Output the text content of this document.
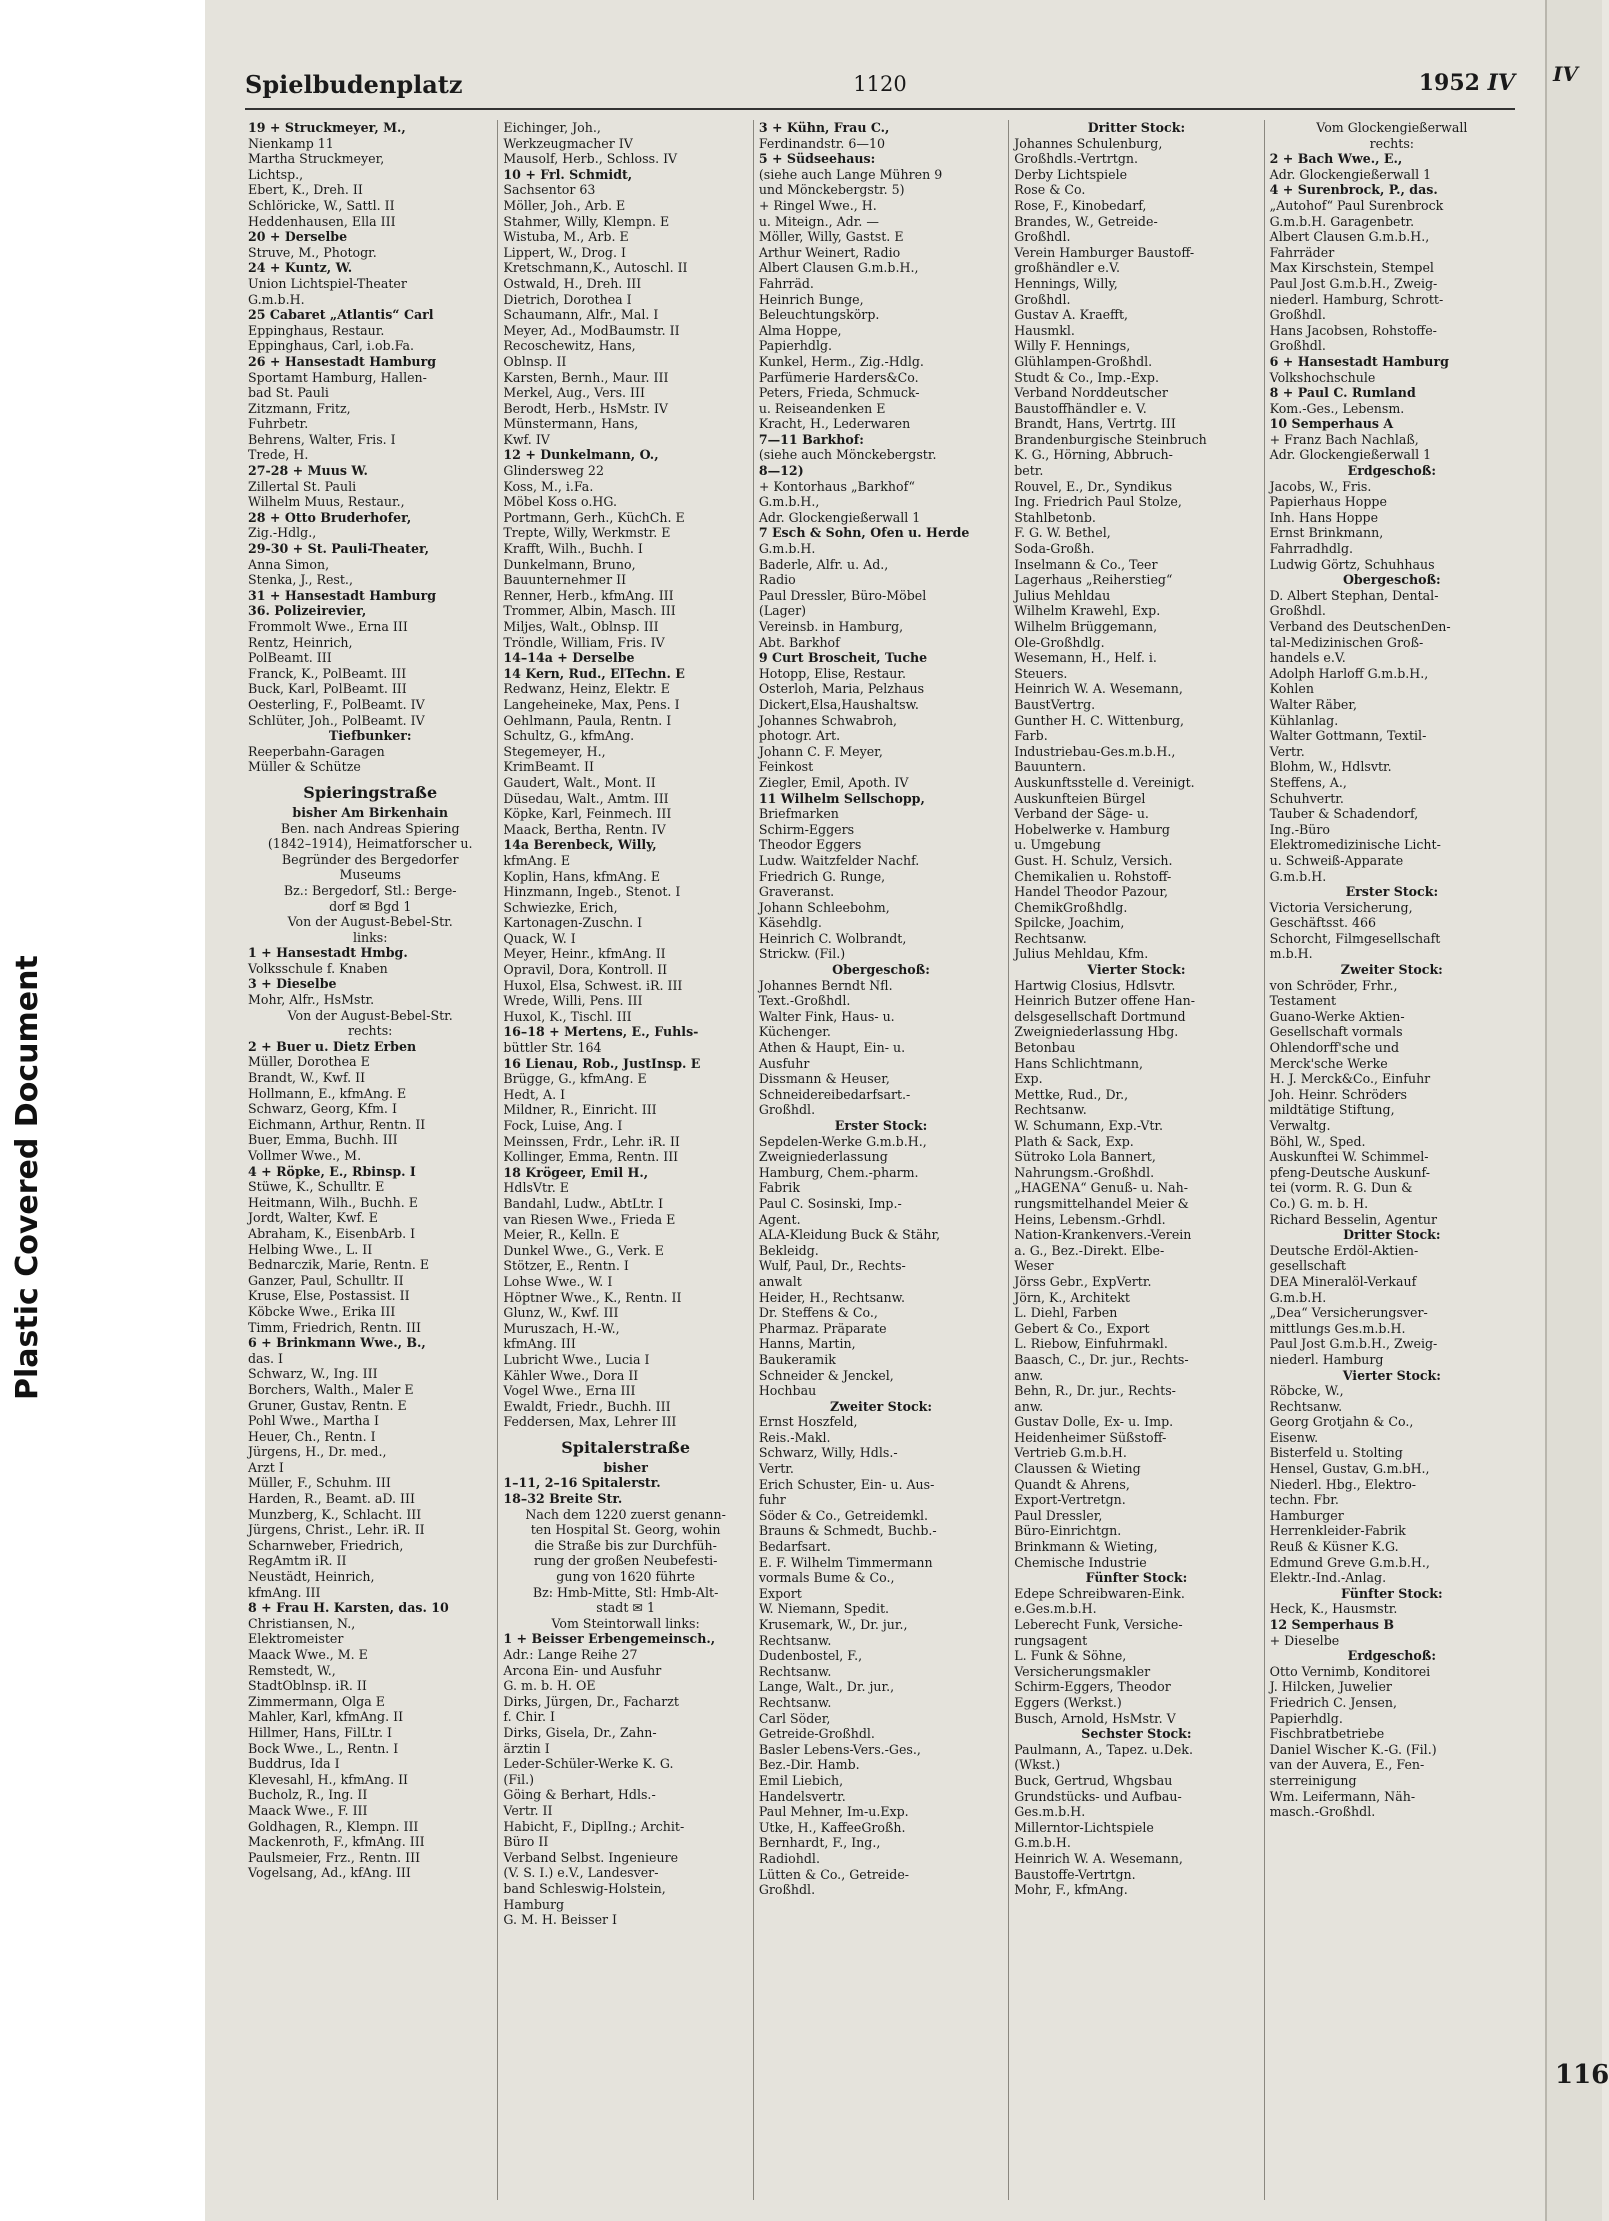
Plastic Covered Document
Spielbudenplatz	1120	1952 IV
19 + Struckmeyer, M.,
Nienkamp 11
Martha Struckmeyer,
Lichtsp.,
Ebert, K., Dreh. II
Schlöricke, W., Sattl. II
Heddenhausen, Ella III
20 + Derselbe
Struve, M., Photogr.
24 + Kuntz, W.
Union Lichtspiel-Theater
G.m.b.H.
25 Cabaret „Atlantis“ Carl
Eppinghaus, Restaur.
Eppinghaus, Carl, i.ob.Fa.
26 + Hansestadt Hamburg
Sportamt Hamburg, Hallen-
bad St. Pauli
Zitzmann, Fritz,
Fuhrbetr.
Behrens, Walter, Fris. I
Trede, H.
27-28 + Muus W.
Zillertal St. Pauli
Wilhelm Muus, Restaur.,
28 + Otto Bruderhofer,
Zig.-Hdlg.,
29-30 + St. Pauli-Theater,
Anna Simon,
Stenka, J., Rest.,
31 + Hansestadt Hamburg
36. Polizeirevier,
Frommolt Wwe., Erna III
Rentz, Heinrich,
PolBeamt. III
Franck, K., PolBeamt. III
Buck, Karl, PolBeamt. III
Oesterling, F., PolBeamt. IV
Schlüter, Joh., PolBeamt. IV
Tiefbunker:
Reeperbahn-Garagen
Müller & Schütze
Spieringstraße
bisher Am Birkenhain
Ben. nach Andreas Spiering
(1842–1914), Heimatforscher u.
Begründer des Bergedorfer
Museums
Bz.: Bergedorf, Stl.: Berge-
dorf ✉ Bgd 1
Von der August-Bebel-Str.
links:
1 + Hansestadt Hmbg.
Volksschule f. Knaben
3 + Dieselbe
Mohr, Alfr., HsMstr.
Von der August-Bebel-Str.
rechts:
2 + Buer u. Dietz Erben
Müller, Dorothea E
Brandt, W., Kwf. II
Hollmann, E., kfmAng. E
Schwarz, Georg, Kfm. I
Eichmann, Arthur, Rentn. II
Buer, Emma, Buchh. III
Vollmer Wwe., M.
4 + Röpke, E., Rbinsp. I
Stüwe, K., Schulltr. E
Heitmann, Wilh., Buchh. E
Jordt, Walter, Kwf. E
Abraham, K., EisenbArb. I
Helbing Wwe., L. II
Bednarczik, Marie, Rentn. E
Ganzer, Paul, Schulltr. II
Kruse, Else, Postassist. II
Köbcke Wwe., Erika III
Timm, Friedrich, Rentn. III
6 + Brinkmann Wwe., B.,
das. I
Schwarz, W., Ing. III
Borchers, Walth., Maler E
Gruner, Gustav, Rentn. E
Pohl Wwe., Martha I
Heuer, Ch., Rentn. I
Jürgens, H., Dr. med.,
Arzt I
Müller, F., Schuhm. III
Harden, R., Beamt. aD. III
Munzberg, K., Schlacht. III
Jürgens, Christ., Lehr. iR. II
Scharnweber, Friedrich,
RegAmtm iR. II
Neustädt, Heinrich,
kfmAng. III
8 + Frau H. Karsten, das. 10
Christiansen, N.,
Elektromeister
Maack Wwe., M. E
Remstedt, W.,
StadtOblnsp. iR. II
Zimmermann, Olga E
Mahler, Karl, kfmAng. II
Hillmer, Hans, FilLtr. I
Bock Wwe., L., Rentn. I
Buddrus, Ida I
Klevesahl, H., kfmAng. II
Bucholz, R., Ing. II
Maack Wwe., F. III
Goldhagen, R., Klempn. III
Mackenroth, F., kfmAng. III
Paulsmeier, Frz., Rentn. III
Vogelsang, Ad., kfAng. III
Eichinger, Joh.,
Werkzeugmacher IV
Mausolf, Herb., Schloss. IV
10 + Frl. Schmidt,
Sachsentor 63
Möller, Joh., Arb. E
Stahmer, Willy, Klempn. E
Wistuba, M., Arb. E
Lippert, W., Drog. I
Kretschmann,K., Autoschl. II
Ostwald, H., Dreh. III
Dietrich, Dorothea I
Schaumann, Alfr., Mal. I
Meyer, Ad., ModBaumstr. II
Recoschewitz, Hans,
Oblnsp. II
Karsten, Bernh., Maur. III
Merkel, Aug., Vers. III
Berodt, Herb., HsMstr. IV
Münstermann, Hans,
Kwf. IV
12 + Dunkelmann, O.,
Glindersweg 22
Koss, M., i.Fa.
Möbel Koss o.HG.
Portmann, Gerh., KüchCh. E
Trepte, Willy, Werkmstr. E
Krafft, Wilh., Buchh. I
Dunkelmann, Bruno,
Bauunternehmer II
Renner, Herb., kfmAng. III
Trommer, Albin, Masch. III
Miljes, Walt., Oblnsp. III
Tröndle, William, Fris. IV
14–14a + Derselbe
14 Kern, Rud., ElTechn. E
Redwanz, Heinz, Elektr. E
Langeheineke, Max, Pens. I
Oehlmann, Paula, Rentn. I
Schultz, G., kfmAng.
Stegemeyer, H.,
KrimBeamt. II
Gaudert, Walt., Mont. II
Düsedau, Walt., Amtm. III
Köpke, Karl, Feinmech. III
Maack, Bertha, Rentn. IV
14a Berenbeck, Willy,
kfmAng. E
Koplin, Hans, kfmAng. E
Hinzmann, Ingeb., Stenot. I
Schwiezke, Erich,
Kartonagen-Zuschn. I
Quack, W. I
Meyer, Heinr., kfmAng. II
Opravil, Dora, Kontroll. II
Huxol, Elsa, Schwest. iR. III
Wrede, Willi, Pens. III
Huxol, K., Tischl. III
16–18 + Mertens, E., Fuhls-
büttler Str. 164
16 Lienau, Rob., JustInsp. E
Brügge, G., kfmAng. E
Hedt, A. I
Mildner, R., Einricht. III
Fock, Luise, Ang. I
Meinssen, Frdr., Lehr. iR. II
Kollinger, Emma, Rentn. III
18 Krögeer, Emil H.,
HdlsVtr. E
Bandahl, Ludw., AbtLtr. I
van Riesen Wwe., Frieda E
Meier, R., Kelln. E
Dunkel Wwe., G., Verk. E
Stötzer, E., Rentn. I
Lohse Wwe., W. I
Höptner Wwe., K., Rentn. II
Glunz, W., Kwf. III
Muruszach, H.-W.,
kfmAng. III
Lubricht Wwe., Lucia I
Kähler Wwe., Dora II
Vogel Wwe., Erna III
Ewaldt, Friedr., Buchh. III
Feddersen, Max, Lehrer III
Spitalerstraße
bisher
1–11, 2–16 Spitalerstr.
18–32 Breite Str.
Nach dem 1220 zuerst genann-
ten Hospital St. Georg, wohin
die Straße bis zur Durchfüh-
rung der großen Neubefesti-
gung von 1620 führte
Bz: Hmb-Mitte, Stl: Hmb-Alt-
stadt ✉ 1
Vom Steintorwall links:
1 + Beisser Erbengemeinsch.,
Adr.: Lange Reihe 27
Arcona Ein- und Ausfuhr
G. m. b. H. OE
Dirks, Jürgen, Dr., Facharzt
f. Chir. I
Dirks, Gisela, Dr., Zahn-
ärztin I
Leder-Schüler-Werke K. G.
(Fil.)
Göing & Berhart, Hdls.-
Vertr. II
Habicht, F., DiplIng.; Archit-
Büro II
Verband Selbst. Ingenieure
(V. S. I.) e.V., Landesver-
band Schleswig-Holstein,
Hamburg
G. M. H. Beisser I
3 + Kühn, Frau C.,
Ferdinandstr. 6—10
5 + Südseehaus:
(siehe auch Lange Mühren 9
und Mönckebergstr. 5)
+ Ringel Wwe., H.
u. Miteign., Adr. —
Möller, Willy, Gastst. E
Arthur Weinert, Radio
Albert Clausen G.m.b.H.,
Fahrräd.
Heinrich Bunge,
Beleuchtungskörp.
Alma Hoppe,
Papierhdlg.
Kunkel, Herm., Zig.-Hdlg.
Parfümerie Harders&Co.
Peters, Frieda, Schmuck-
u. Reiseandenken E
Kracht, H., Lederwaren
7—11 Barkhof:
(siehe auch Mönckebergstr.
8—12)
+ Kontorhaus „Barkhof“
G.m.b.H.,
Adr. Glockengießerwall 1
7 Esch & Sohn, Ofen u. Herde
G.m.b.H.
Baderle, Alfr. u. Ad.,
Radio
Paul Dressler, Büro-Möbel
(Lager)
Vereinsb. in Hamburg,
Abt. Barkhof
9 Curt Broscheit, Tuche
Hotopp, Elise, Restaur.
Osterloh, Maria, Pelzhaus
Dickert,Elsa,Haushaltsw.
Johannes Schwabroh,
photogr. Art.
Johann C. F. Meyer,
Feinkost
Ziegler, Emil, Apoth. IV
11 Wilhelm Sellschopp,
Briefmarken
Schirm-Eggers
Theodor Eggers
Ludw. Waitzfelder Nachf.
Friedrich G. Runge,
Graveranst.
Johann Schleebohm,
Käsehdlg.
Heinrich C. Wolbrandt,
Strickw. (Fil.)
Obergeschoß:
Johannes Berndt Nfl.
Text.-Großhdl.
Walter Fink, Haus- u.
Küchenger.
Athen & Haupt, Ein- u.
Ausfuhr
Dissmann & Heuser,
Schneidereibedarfsart.-
Großhdl.
Erster Stock:
Sepdelen-Werke G.m.b.H.,
Zweigniederlassung
Hamburg, Chem.-pharm.
Fabrik
Paul C. Sosinski, Imp.-
Agent.
ALA-Kleidung Buck & Stähr,
Bekleidg.
Wulf, Paul, Dr., Rechts-
anwalt
Heider, H., Rechtsanw.
Dr. Steffens & Co.,
Pharmaz. Präparate
Hanns, Martin,
Baukeramik
Schneider & Jenckel,
Hochbau
Zweiter Stock:
Ernst Hoszfeld,
Reis.-Makl.
Schwarz, Willy, Hdls.-
Vertr.
Erich Schuster, Ein- u. Aus-
fuhr
Söder & Co., Getreidemkl.
Brauns & Schmedt, Buchb.-
Bedarfsart.
E. F. Wilhelm Timmermann
vormals Bume & Co.,
Export
W. Niemann, Spedit.
Krusemark, W., Dr. jur.,
Rechtsanw.
Dudenbostel, F.,
Rechtsanw.
Lange, Walt., Dr. jur.,
Rechtsanw.
Carl Söder,
Getreide-Großhdl.
Basler Lebens-Vers.-Ges.,
Bez.-Dir. Hamb.
Emil Liebich,
Handelsvertr.
Paul Mehner, Im-u.Exp.
Utke, H., KaffeeGroßh.
Bernhardt, F., Ing.,
Radiohdl.
Lütten & Co., Getreide-
Großhdl.
Dritter Stock:
Johannes Schulenburg,
Großhdls.-Vertrtgn.
Derby Lichtspiele
Rose & Co.
Rose, F., Kinobedarf,
Brandes, W., Getreide-
Großhdl.
Verein Hamburger Baustoff-
großhändler e.V.
Hennings, Willy,
Großhdl.
Gustav A. Kraefft,
Hausmkl.
Willy F. Hennings,
Glühlampen-Großhdl.
Studt & Co., Imp.-Exp.
Verband Norddeutscher
Baustoffhändler e. V.
Brandt, Hans, Vertrtg. III
Brandenburgische Steinbruch
K. G., Hörning, Abbruch-
betr.
Rouvel, E., Dr., Syndikus
Ing. Friedrich Paul Stolze,
Stahlbetonb.
F. G. W. Bethel,
Soda-Großh.
Inselmann & Co., Teer
Lagerhaus „Reiherstieg“
Julius Mehldau
Wilhelm Krawehl, Exp.
Wilhelm Brüggemann,
Ole-Großhdlg.
Wesemann, H., Helf. i.
Steuers.
Heinrich W. A. Wesemann,
BaustVertrg.
Gunther H. C. Wittenburg,
Farb.
Industriebau-Ges.m.b.H.,
Bauuntern.
Auskunftsstelle d. Vereinigt.
Auskunfteien Bürgel
Verband der Säge- u.
Hobelwerke v. Hamburg
u. Umgebung
Gust. H. Schulz, Versich.
Chemikalien u. Rohstoff-
Handel Theodor Pazour,
ChemikGroßhdlg.
Spilcke, Joachim,
Rechtsanw.
Julius Mehldau, Kfm.
Vierter Stock:
Hartwig Closius, Hdlsvtr.
Heinrich Butzer offene Han-
delsgesellschaft Dortmund
Zweigniederlassung Hbg.
Betonbau
Hans Schlichtmann,
Exp.
Mettke, Rud., Dr.,
Rechtsanw.
W. Schumann, Exp.-Vtr.
Plath & Sack, Exp.
Sütroko Lola Bannert,
Nahrungsm.-Großhdl.
„HAGENA“ Genuß- u. Nah-
rungsmittelhandel Meier &
Heins, Lebensm.-Grhdl.
Nation-Krankenvers.-Verein
a. G., Bez.-Direkt. Elbe-
Weser
Jörss Gebr., ExpVertr.
Jörn, K., Architekt
L. Diehl, Farben
Gebert & Co., Export
L. Riebow, Einfuhrmakl.
Baasch, C., Dr. jur., Rechts-
anw.
Behn, R., Dr. jur., Rechts-
anw.
Gustav Dolle, Ex- u. Imp.
Heidenheimer Süßstoff-
Vertrieb G.m.b.H.
Claussen & Wieting
Quandt & Ahrens,
Export-Vertretgn.
Paul Dressler,
Büro-Einrichtgn.
Brinkmann & Wieting,
Chemische Industrie
Fünfter Stock:
Edepe Schreibwaren-Eink.
e.Ges.m.b.H.
Leberecht Funk, Versiche-
rungsagent
L. Funk & Söhne,
Versicherungsmakler
Schirm-Eggers, Theodor
Eggers (Werkst.)
Busch, Arnold, HsMstr. V
Sechster Stock:
Paulmann, A., Tapez. u.Dek.
(Wkst.)
Buck, Gertrud, Whgsbau
Grundstücks- und Aufbau-
Ges.m.b.H.
Millerntor-Lichtspiele
G.m.b.H.
Heinrich W. A. Wesemann,
Baustoffe-Vertrtgn.
Mohr, F., kfmAng.
Vom Glockengießerwall
rechts:
2 + Bach Wwe., E.,
Adr. Glockengießerwall 1
4 + Surenbrock, P., das.
„Autohof“ Paul Surenbrock
G.m.b.H. Garagenbetr.
Albert Clausen G.m.b.H.,
Fahrräder
Max Kirschstein, Stempel
Paul Jost G.m.b.H., Zweig-
niederl. Hamburg, Schrott-
Großhdl.
Hans Jacobsen, Rohstoffe-
Großhdl.
6 + Hansestadt Hamburg
Volkshochschule
8 + Paul C. Rumland
Kom.-Ges., Lebensm.
10 Semperhaus A
+ Franz Bach Nachlaß,
Adr. Glockengießerwall 1
Erdgeschoß:
Jacobs, W., Fris.
Papierhaus Hoppe
Inh. Hans Hoppe
Ernst Brinkmann,
Fahrradhdlg.
Ludwig Görtz, Schuhhaus
Obergeschoß:
D. Albert Stephan, Dental-
Großhdl.
Verband des DeutschenDen-
tal-Medizinischen Groß-
handels e.V.
Adolph Harloff G.m.b.H.,
Kohlen
Walter Räber,
Kühlanlag.
Walter Gottmann, Textil-
Vertr.
Blohm, W., Hdlsvtr.
Steffens, A.,
Schuhvertr.
Tauber & Schadendorf,
Ing.-Büro
Elektromedizinische Licht-
u. Schweiß-Apparate
G.m.b.H.
Erster Stock:
Victoria Versicherung,
Geschäftsst. 466
Schorcht, Filmgesellschaft
m.b.H.
Zweiter Stock:
von Schröder, Frhr.,
Testament
Guano-Werke Aktien-
Gesellschaft vormals
Ohlendorff'sche und
Merck'sche Werke
H. J. Merck&Co., Einfuhr
Joh. Heinr. Schröders
mildtätige Stiftung,
Verwaltg.
Böhl, W., Sped.
Auskunftei W. Schimmel-
pfeng-Deutsche Auskunf-
tei (vorm. R. G. Dun &
Co.) G. m. b. H.
Richard Besselin, Agentur
Dritter Stock:
Deutsche Erdöl-Aktien-
gesellschaft
DEA Mineralöl-Verkauf
G.m.b.H.
„Dea“ Versicherungsver-
mittlungs Ges.m.b.H.
Paul Jost G.m.b.H., Zweig-
niederl. Hamburg
Vierter Stock:
Röbcke, W.,
Rechtsanw.
Georg Grotjahn & Co.,
Eisenw.
Bisterfeld u. Stolting
Hensel, Gustav, G.m.bH.,
Niederl. Hbg., Elektro-
techn. Fbr.
Hamburger
Herrenkleider-Fabrik
Reuß & Küsner K.G.
Edmund Greve G.m.b.H.,
Elektr.-Ind.-Anlag.
Fünfter Stock:
Heck, K., Hausmstr.
12 Semperhaus B
+ Dieselbe
Erdgeschoß:
Otto Vernimb, Konditorei
J. Hilcken, Juwelier
Friedrich C. Jensen,
Papierhdlg.
Fischbratbetriebe
Daniel Wischer K.-G. (Fil.)
van der Auvera, E., Fen-
sterreinigung
Wm. Leifermann, Näh-
masch.-Großhdl.
IV
116
